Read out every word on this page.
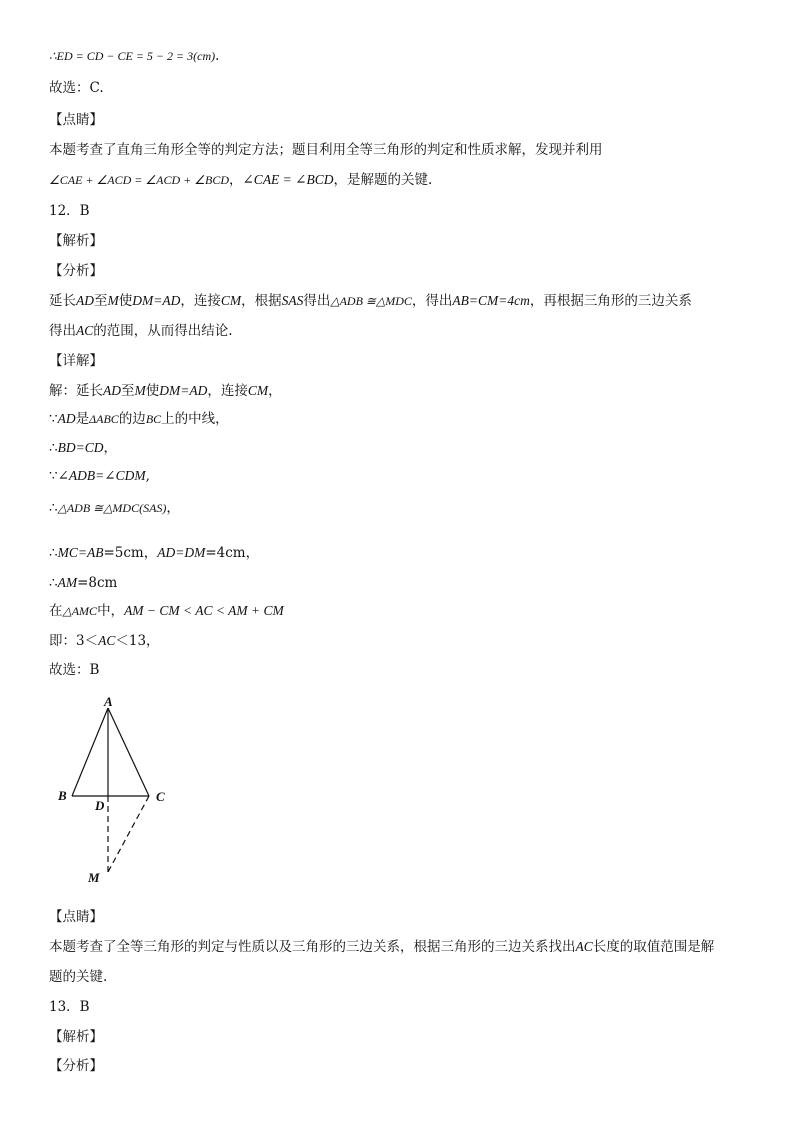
∴ED = CD − CE = 5 − 2 = 3(cm).
故选：C.
【点睛】
本题考查了直角三角形全等的判定方法；题目利用全等三角形的判定和性质求解，发现并利用
∠CAE + ∠ACD = ∠ACD + ∠BCD，∠CAE = ∠BCD，是解题的关键.
12．B
【解析】
【分析】
延长AD至M使DM=AD，连接CM，根据SAS得出△ADB ≅△MDC，得出AB=CM=4cm，再根据三角形的三边关系
得出AC的范围，从而得出结论.
【详解】
解：延长AD至M使DM=AD，连接CM，
∵AD是ΔABC的边BC上的中线，
∴BD=CD，
∵∠ADB=∠CDM,
∴△ADB ≅△MDC(SAS)，
∴MC=AB=5cm，AD=DM=4cm，
∴AM=8cm
在△AMC中，AM − CM < AC < AM + CM
即：3＜AC＜13，
故选：B
A
B	C
D
M
【点睛】
本题考查了全等三角形的判定与性质以及三角形的三边关系，根据三角形的三边关系找出AC长度的取值范围是解
题的关键.
13．B
【解析】
【分析】
